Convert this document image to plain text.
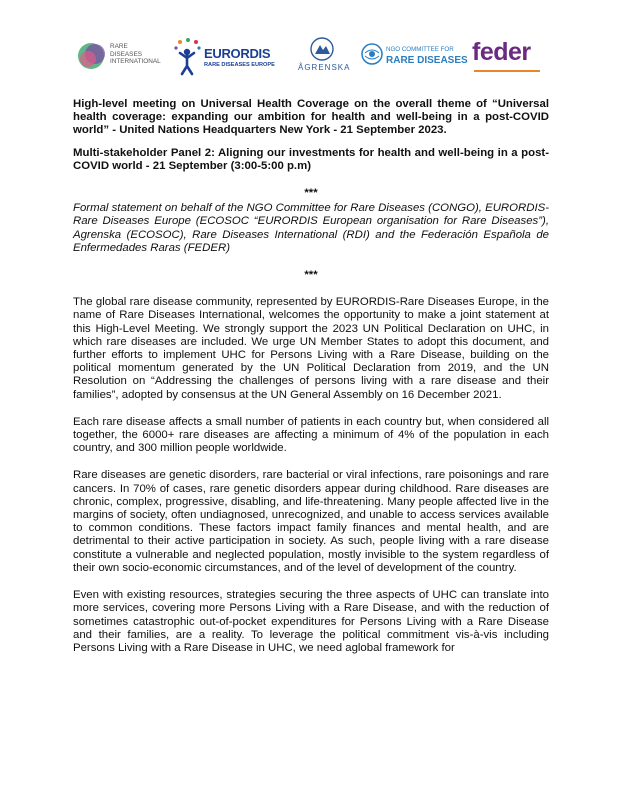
RARE
DISEASES
INTERNATIONAL
EURORDIS
RARE DISEASES EUROPE	ÅGRENSKA
NGO COMMITTEE FOR
RARE DISEASES feder

High-level meeting on Universal Health Coverage on the overall theme of “Universal health coverage: expanding our ambition for health and well-being in a post-COVID world” - United Nations Headquarters New York - 21 September 2023.

Multi-stakeholder Panel 2: Aligning our investments for health and well-being in a post-COVID world - 21 September (3:00-5:00 p.m)

***

Formal statement on behalf of the NGO Committee for Rare Diseases (CONGO), EURORDIS-Rare Diseases Europe (ECOSOC “EURORDIS European organisation for Rare Diseases”), Agrenska (ECOSOC), Rare Diseases International (RDI) and the Federación Española de Enfermedades Raras (FEDER)

***

The global rare disease community, represented by EURORDIS-Rare Diseases Europe, in the name of Rare Diseases International, welcomes the opportunity to make a joint statement at this High-Level Meeting. We strongly support the 2023 UN Political Declaration on UHC, in which rare diseases are included. We urge UN Member States to adopt this document, and further efforts to implement UHC for Persons Living with a Rare Disease, building on the political momentum generated by the UN Political Declaration from 2019, and the UN Resolution on “Addressing the challenges of persons living with a rare disease and their families”, adopted by consensus at the UN General Assembly on 16 December 2021.

Each rare disease affects a small number of patients in each country but, when considered all together, the 6000+ rare diseases are affecting a minimum of 4% of the population in each country, and 300 million people worldwide.

Rare diseases are genetic disorders, rare bacterial or viral infections, rare poisonings and rare cancers. In 70% of cases, rare genetic disorders appear during childhood. Rare diseases are chronic, complex, progressive, disabling, and life-threatening. Many people affected live in the margins of society, often undiagnosed, unrecognized, and unable to access services available to common conditions. These factors impact family finances and mental health, and are detrimental to their active participation in society. As such, people living with a rare disease constitute a vulnerable and neglected population, mostly invisible to the system regardless of their own socio-economic circumstances, and of the level of development of the country.

Even with existing resources, strategies securing the three aspects of UHC can translate into more services, covering more Persons Living with a Rare Disease, and with the reduction of sometimes catastrophic out-of-pocket expenditures for Persons Living with a Rare Disease and their families, are a reality. To leverage the political commitment vis-à-vis including Persons Living with a Rare Disease in UHC, we need aglobal framework for
